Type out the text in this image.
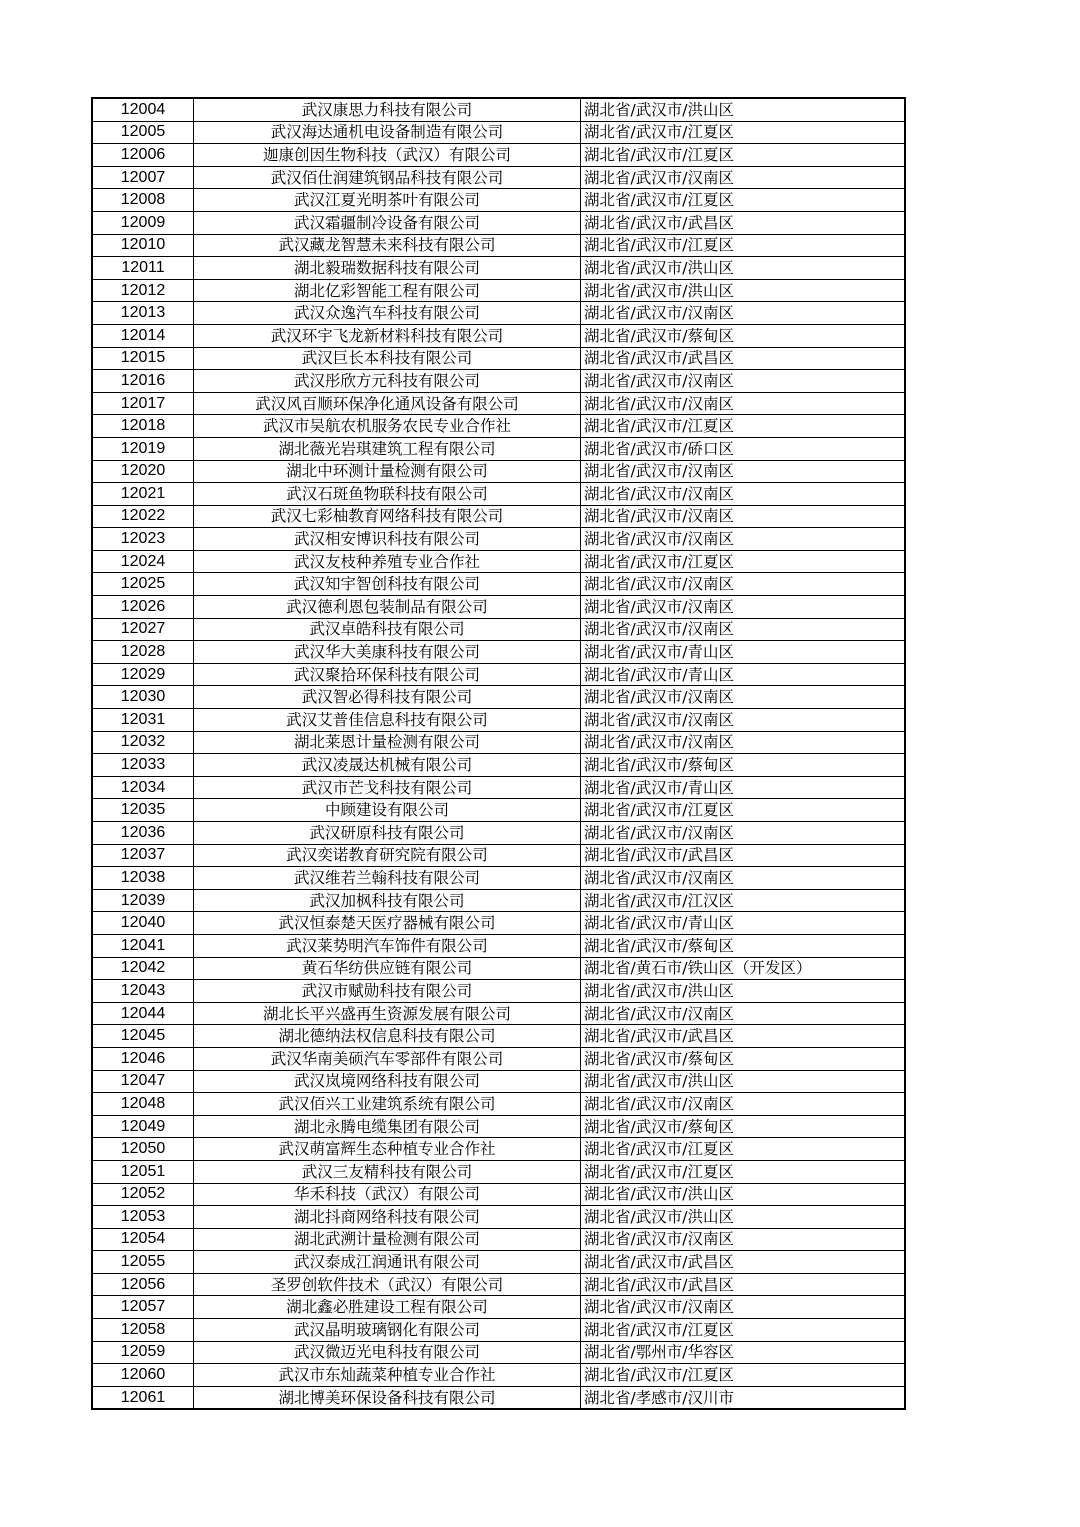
12004	武汉康思力科技有限公司	湖北省/武汉市/洪山区
12005	武汉海达通机电设备制造有限公司	湖北省/武汉市/江夏区
12006	迦康创因生物科技（武汉）有限公司	湖北省/武汉市/江夏区
12007	武汉佰仕润建筑钢品科技有限公司	湖北省/武汉市/汉南区
12008	武汉江夏光明茶叶有限公司	湖北省/武汉市/江夏区
12009	武汉霜疆制冷设备有限公司	湖北省/武汉市/武昌区
12010	武汉藏龙智慧未来科技有限公司	湖北省/武汉市/江夏区
12011	湖北毅瑞数据科技有限公司	湖北省/武汉市/洪山区
12012	湖北亿彩智能工程有限公司	湖北省/武汉市/洪山区
12013	武汉众逸汽车科技有限公司	湖北省/武汉市/汉南区
12014	武汉环宇飞龙新材料科技有限公司	湖北省/武汉市/蔡甸区
12015	武汉巨长本科技有限公司	湖北省/武汉市/武昌区
12016	武汉彤欣方元科技有限公司	湖北省/武汉市/汉南区
12017	武汉风百顺环保净化通风设备有限公司	湖北省/武汉市/汉南区
12018	武汉市吴航农机服务农民专业合作社	湖北省/武汉市/江夏区
12019	湖北薇光岩琪建筑工程有限公司	湖北省/武汉市/硚口区
12020	湖北中环测计量检测有限公司	湖北省/武汉市/汉南区
12021	武汉石斑鱼物联科技有限公司	湖北省/武汉市/汉南区
12022	武汉七彩柚教育网络科技有限公司	湖北省/武汉市/汉南区
12023	武汉相安博识科技有限公司	湖北省/武汉市/汉南区
12024	武汉友枝种养殖专业合作社	湖北省/武汉市/江夏区
12025	武汉知宇智创科技有限公司	湖北省/武汉市/汉南区
12026	武汉德利恩包装制品有限公司	湖北省/武汉市/汉南区
12027	武汉卓皓科技有限公司	湖北省/武汉市/汉南区
12028	武汉华大美康科技有限公司	湖北省/武汉市/青山区
12029	武汉聚拾环保科技有限公司	湖北省/武汉市/青山区
12030	武汉智必得科技有限公司	湖北省/武汉市/汉南区
12031	武汉艾普佳信息科技有限公司	湖北省/武汉市/汉南区
12032	湖北莱恩计量检测有限公司	湖北省/武汉市/汉南区
12033	武汉凌晟达机械有限公司	湖北省/武汉市/蔡甸区
12034	武汉市芒戈科技有限公司	湖北省/武汉市/青山区
12035	中顾建设有限公司	湖北省/武汉市/江夏区
12036	武汉研原科技有限公司	湖北省/武汉市/汉南区
12037	武汉奕诺教育研究院有限公司	湖北省/武汉市/武昌区
12038	武汉维若兰翰科技有限公司	湖北省/武汉市/汉南区
12039	武汉加枫科技有限公司	湖北省/武汉市/江汉区
12040	武汉恒泰楚天医疗器械有限公司	湖北省/武汉市/青山区
12041	武汉莱势明汽车饰件有限公司	湖北省/武汉市/蔡甸区
12042	黄石华纺供应链有限公司	湖北省/黄石市/铁山区（开发区）
12043	武汉市赋勋科技有限公司	湖北省/武汉市/洪山区
12044	湖北长平兴盛再生资源发展有限公司	湖北省/武汉市/汉南区
12045	湖北德纳法权信息科技有限公司	湖北省/武汉市/武昌区
12046	武汉华南美硕汽车零部件有限公司	湖北省/武汉市/蔡甸区
12047	武汉岚境网络科技有限公司	湖北省/武汉市/洪山区
12048	武汉佰兴工业建筑系统有限公司	湖北省/武汉市/汉南区
12049	湖北永腾电缆集团有限公司	湖北省/武汉市/蔡甸区
12050	武汉萌富辉生态种植专业合作社	湖北省/武汉市/江夏区
12051	武汉三友精科技有限公司	湖北省/武汉市/江夏区
12052	华禾科技（武汉）有限公司	湖北省/武汉市/洪山区
12053	湖北抖商网络科技有限公司	湖北省/武汉市/洪山区
12054	湖北武溯计量检测有限公司	湖北省/武汉市/汉南区
12055	武汉泰成江润通讯有限公司	湖北省/武汉市/武昌区
12056	圣罗创软件技术（武汉）有限公司	湖北省/武汉市/武昌区
12057	湖北鑫必胜建设工程有限公司	湖北省/武汉市/汉南区
12058	武汉晶明玻璃钢化有限公司	湖北省/武汉市/江夏区
12059	武汉微迈光电科技有限公司	湖北省/鄂州市/华容区
12060	武汉市东灿蔬菜种植专业合作社	湖北省/武汉市/江夏区
12061	湖北博美环保设备科技有限公司	湖北省/孝感市/汉川市
